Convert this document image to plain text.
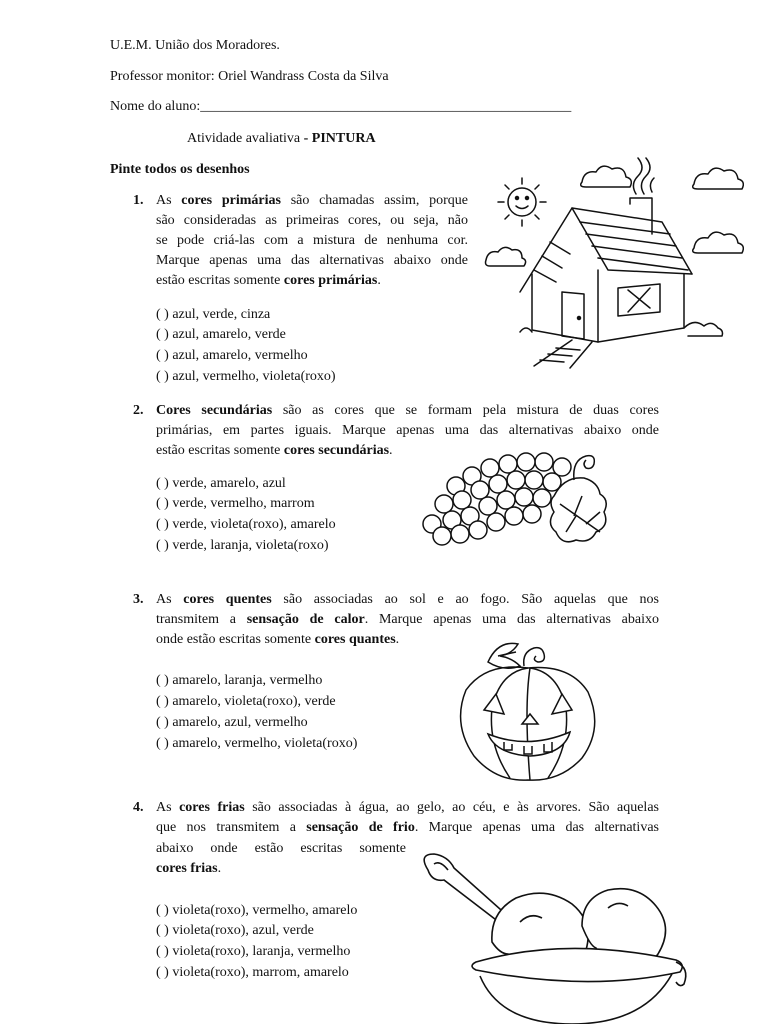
U.E.M. União dos Moradores.
Professor monitor: Oriel Wandrass Costa da Silva
Nome do aluno:_____________________________________________________
Atividade avaliativa - PINTURA
Pinte todos os desenhos
1. As cores primárias são chamadas assim, porque
são consideradas as primeiras cores, ou seja, não
se pode criá-las com a mistura de nenhuma cor.
Marque apenas uma das alternativas abaixo onde
estão escritas somente cores primárias.
( ) azul, verde, cinza
( ) azul, amarelo, verde
( ) azul, amarelo, vermelho
( ) azul, vermelho, violeta(roxo)
2. Cores secundárias são as cores que se formam pela mistura de duas cores
primárias, em partes iguais. Marque apenas uma das alternativas abaixo onde
estão escritas somente cores secundárias.
( ) verde, amarelo, azul
( ) verde, vermelho, marrom
( ) verde, violeta(roxo), amarelo
( ) verde, laranja, violeta(roxo)
3. As cores quentes são associadas ao sol e ao fogo. São aquelas que nos
transmitem a sensação de calor. Marque apenas uma das alternativas abaixo
onde estão escritas somente cores quantes.
( ) amarelo, laranja, vermelho
( ) amarelo, violeta(roxo), verde
( ) amarelo, azul, vermelho
( ) amarelo, vermelho, violeta(roxo)
4. As cores frias são associadas à água, ao gelo, ao céu, e às arvores. São aquelas
que nos transmitem a sensação de frio. Marque apenas uma das alternativas
abaixo onde estão escritas somente
cores frias.
( ) violeta(roxo), vermelho, amarelo
( ) violeta(roxo), azul, verde
( ) violeta(roxo), laranja, vermelho
( ) violeta(roxo), marrom, amarelo
